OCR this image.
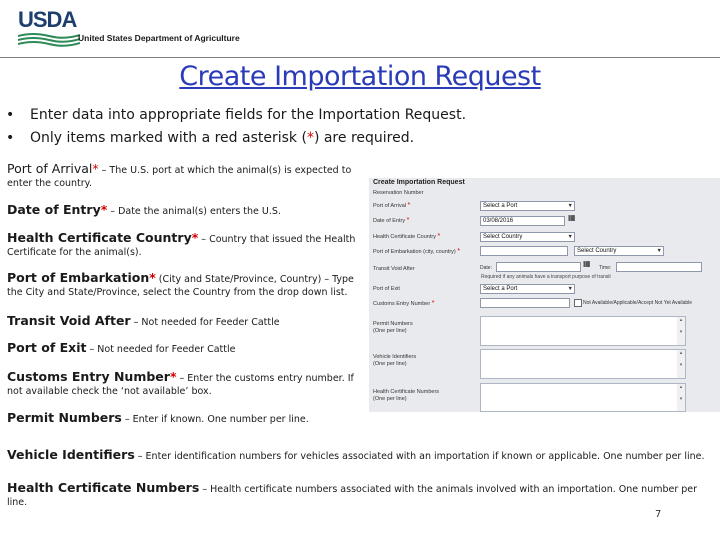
USDA
United States Department of Agriculture
Create Importation Request
• Enter data into appropriate fields for the Importation Request.
• Only items marked with a red asterisk (*) are required.
Port of Arrival* – The U.S. port at which the animal(s) is expected to enter the country.
Date of Entry* – Date the animal(s) enters the U.S.
Health Certificate Country* – Country that issued the Health Certificate for the animal(s).
Port of Embarkation* (City and State/Province, Country) – Type the City and State/Province, select the Country from the drop down list.
Transit Void After – Not needed for Feeder Cattle
Port of Exit – Not needed for Feeder Cattle
Customs Entry Number* – Enter the customs entry number. If not available check the ‘not available’ box.
Permit Numbers – Enter if known. One number per line.
Vehicle Identifiers – Enter identification numbers for vehicles associated with an importation if known or applicable. One number per line.
Health Certificate Numbers – Health certificate numbers associated with the animals involved with an importation. One number per line.
Create Importation Request
Reservation Number
Port of Arrival *	Select a Port	▼
Date of Entry *	03/08/2016	▦
Health Certificate Country *	Select Country	▼
Port of Embarkation (city, country) *	Select Country	▼
Transit Void After	Date:	▦ Time:
Required if any animals have a transport purpose of transit
Port of Exit	Select a Port	▼
Customs Entry Number *	Not Available/Applicable/Accept Not Yet Available
Permit Numbers
(One per line)
▴

▾
Vehicle Identifiers
(One per line)
▴

▾
Health Certificate Numbers
(One per line)
▴

▾
7
